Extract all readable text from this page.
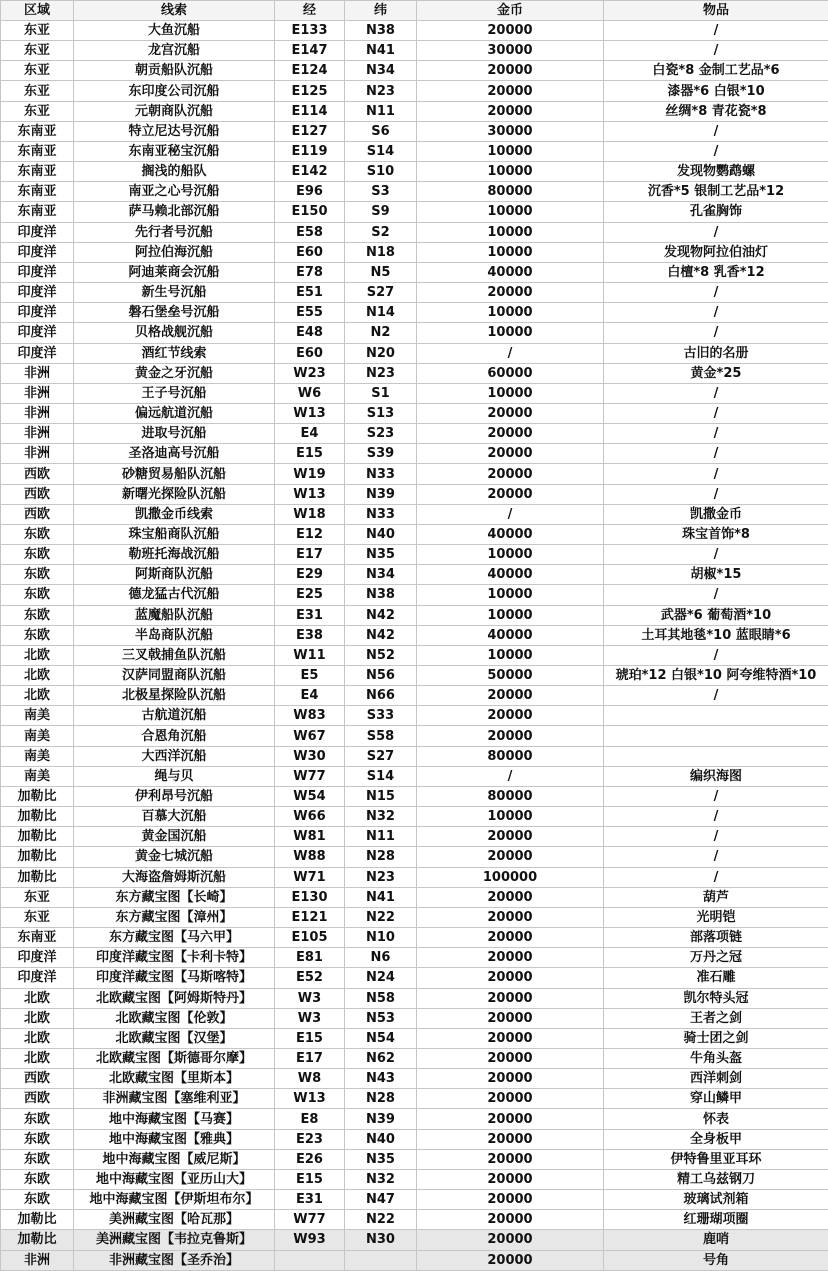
区域	线索	经	纬	金币	物品
东亚	大鱼沉船	E133	N38	20000	/
东亚	龙宫沉船	E147	N41	30000	/
东亚	朝贡船队沉船	E124	N34	20000	白瓷*8 金制工艺品*6
东亚	东印度公司沉船	E125	N23	20000	漆器*6 白银*10
东亚	元朝商队沉船	E114	N11	20000	丝绸*8 青花瓷*8
东南亚	特立尼达号沉船	E127	S6	30000	/
东南亚	东南亚秘宝沉船	E119	S14	10000	/
东南亚	搁浅的船队	E142	S10	10000	发现物鹦鹉螺
东南亚	南亚之心号沉船	E96	S3	80000	沉香*5 银制工艺品*12
东南亚	萨马赖北部沉船	E150	S9	10000	孔雀胸饰
印度洋	先行者号沉船	E58	S2	10000	/
印度洋	阿拉伯海沉船	E60	N18	10000	发现物阿拉伯油灯
印度洋	阿迪莱商会沉船	E78	N5	40000	白檀*8 乳香*12
印度洋	新生号沉船	E51	S27	20000	/
印度洋	磐石堡垒号沉船	E55	N14	10000	/
印度洋	贝格战舰沉船	E48	N2	10000	/
印度洋	酒红节线索	E60	N20	/	古旧的名册
非洲	黄金之牙沉船	W23	N23	60000	黄金*25
非洲	王子号沉船	W6	S1	10000	/
非洲	偏远航道沉船	W13	S13	20000	/
非洲	进取号沉船	E4	S23	20000	/
非洲	圣洛迪高号沉船	E15	S39	20000	/
西欧	砂糖贸易船队沉船	W19	N33	20000	/
西欧	新曙光探险队沉船	W13	N39	20000	/
西欧	凯撒金币线索	W18	N33	/	凯撒金币
东欧	珠宝船商队沉船	E12	N40	40000	珠宝首饰*8
东欧	勒班托海战沉船	E17	N35	10000	/
东欧	阿斯商队沉船	E29	N34	40000	胡椒*15
东欧	德龙猛古代沉船	E25	N38	10000	/
东欧	蓝魔船队沉船	E31	N42	10000	武器*6 葡萄酒*10
东欧	半岛商队沉船	E38	N42	40000	土耳其地毯*10 蓝眼睛*6
北欧	三叉戟捕鱼队沉船	W11	N52	10000	/
北欧	汉萨同盟商队沉船	E5	N56	50000	琥珀*12 白银*10 阿夸维特酒*10
北欧	北极星探险队沉船	E4	N66	20000	/
南美	古航道沉船	W83	S33	20000	
南美	合恩角沉船	W67	S58	20000	
南美	大西洋沉船	W30	S27	80000	
南美	绳与贝	W77	S14	/	编织海图
加勒比	伊利昂号沉船	W54	N15	80000	/
加勒比	百慕大沉船	W66	N32	10000	/
加勒比	黄金国沉船	W81	N11	20000	/
加勒比	黄金七城沉船	W88	N28	20000	/
加勒比	大海盗詹姆斯沉船	W71	N23	100000	/
东亚	东方藏宝图【长崎】	E130	N41	20000	葫芦
东亚	东方藏宝图【漳州】	E121	N22	20000	光明铠
东南亚	东方藏宝图【马六甲】	E105	N10	20000	部落项链
印度洋	印度洋藏宝图【卡利卡特】	E81	N6	20000	万丹之冠
印度洋	印度洋藏宝图【马斯喀特】	E52	N24	20000	准石雕
北欧	北欧藏宝图【阿姆斯特丹】	W3	N58	20000	凯尔特头冠
北欧	北欧藏宝图【伦敦】	W3	N53	20000	王者之剑
北欧	北欧藏宝图【汉堡】	E15	N54	20000	骑士团之剑
北欧	北欧藏宝图【斯德哥尔摩】	E17	N62	20000	牛角头盔
西欧	北欧藏宝图【里斯本】	W8	N43	20000	西洋刺剑
西欧	非洲藏宝图【塞维利亚】	W13	N28	20000	穿山鳞甲
东欧	地中海藏宝图【马赛】	E8	N39	20000	怀表
东欧	地中海藏宝图【雅典】	E23	N40	20000	全身板甲
东欧	地中海藏宝图【威尼斯】	E26	N35	20000	伊特鲁里亚耳环
东欧	地中海藏宝图【亚历山大】	E15	N32	20000	精工乌兹钢刀
东欧	地中海藏宝图【伊斯坦布尔】	E31	N47	20000	玻璃试剂箱
加勒比	美洲藏宝图【哈瓦那】	W77	N22	20000	红珊瑚项圈
加勒比	美洲藏宝图【韦拉克鲁斯】	W93	N30	20000	鹿哨
非洲	非洲藏宝图【圣乔治】			20000	号角
